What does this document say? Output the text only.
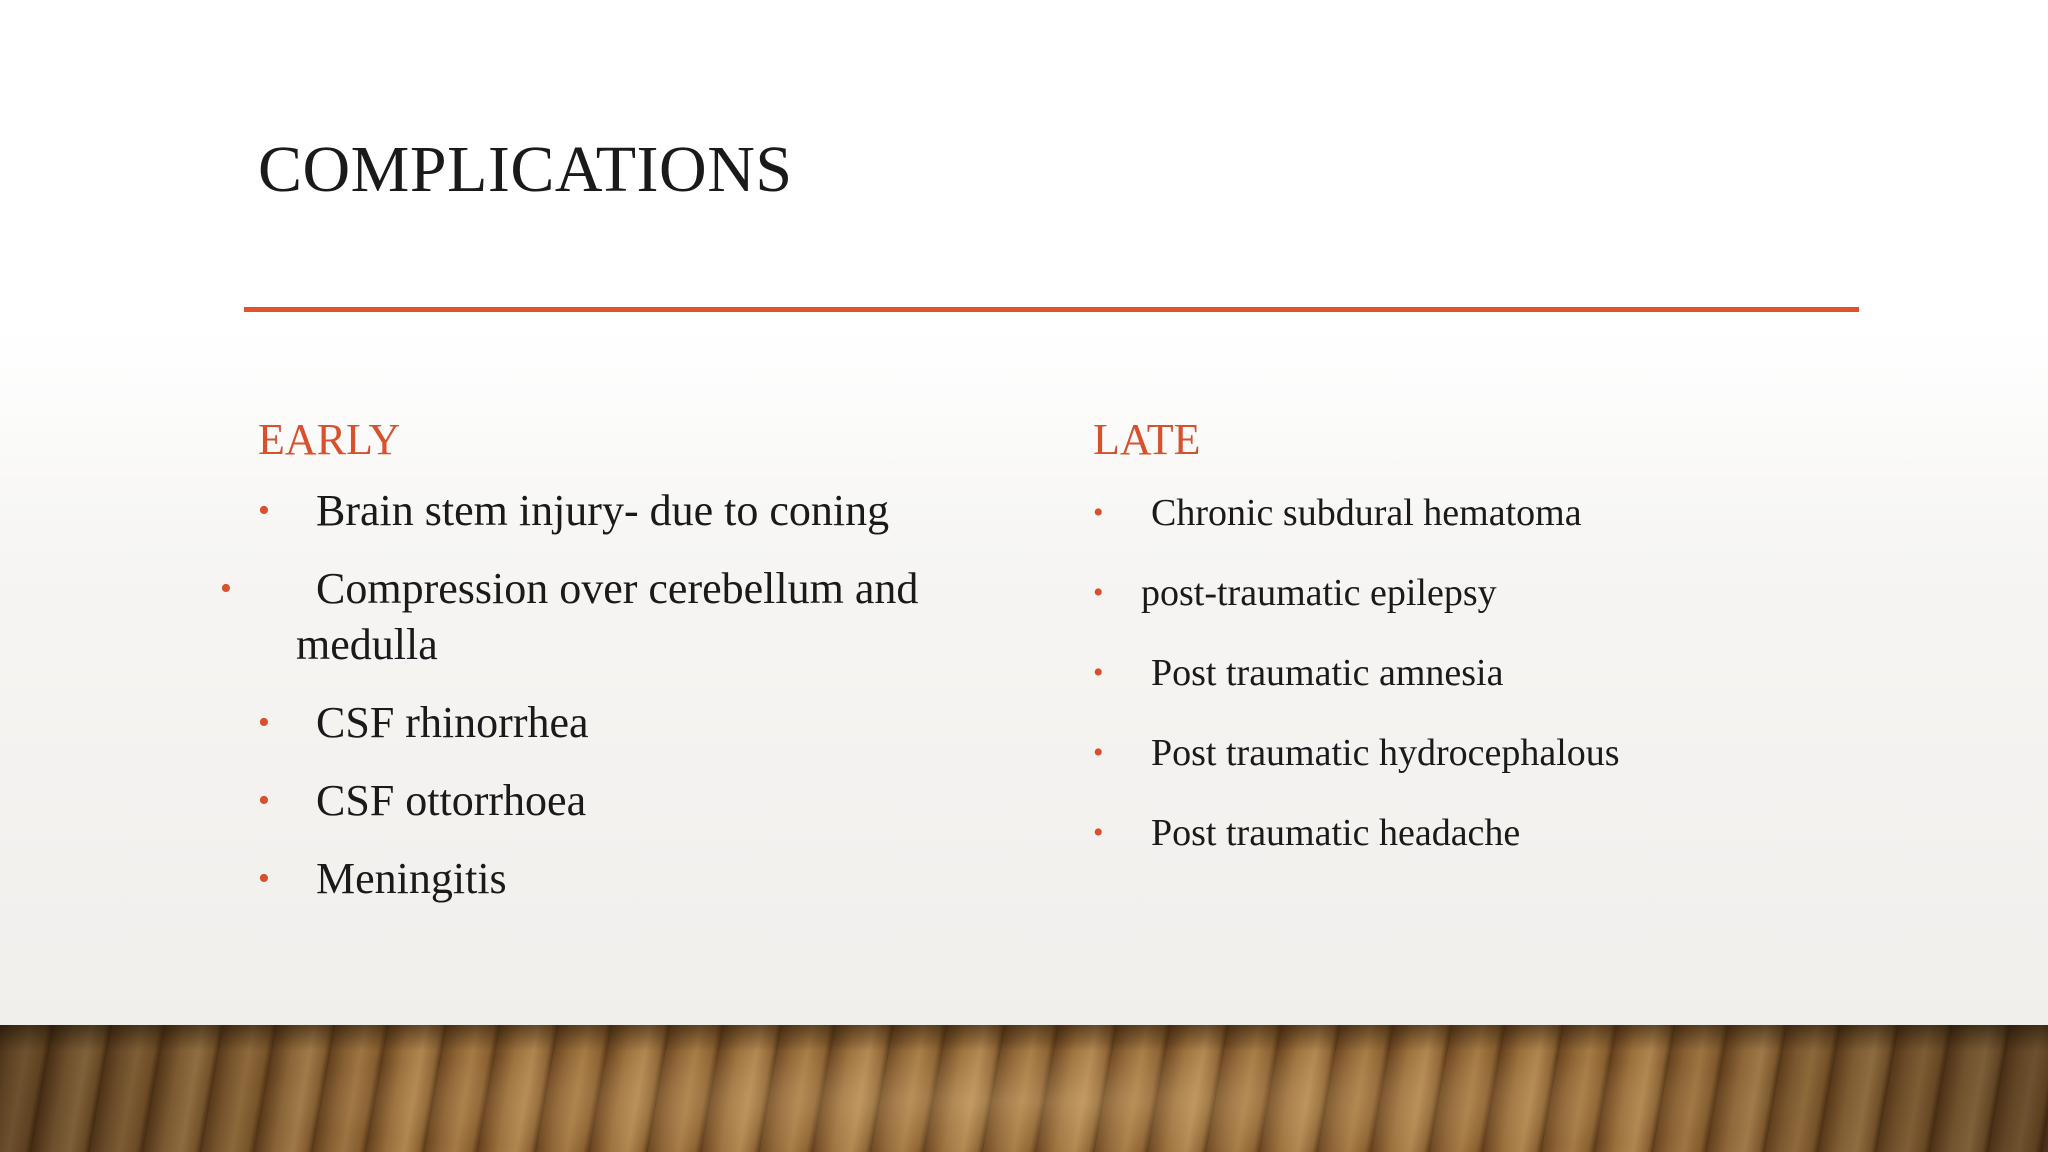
COMPLICATIONS
EARLY
• Brain stem injury- due to coning
• Compression over cerebellum and medulla
• CSF rhinorrhea
• CSF ottorrhoea
• Meningitis
LATE
• Chronic subdural hematoma
• post-traumatic epilepsy
• Post traumatic amnesia
• Post traumatic hydrocephalous
• Post traumatic headache
